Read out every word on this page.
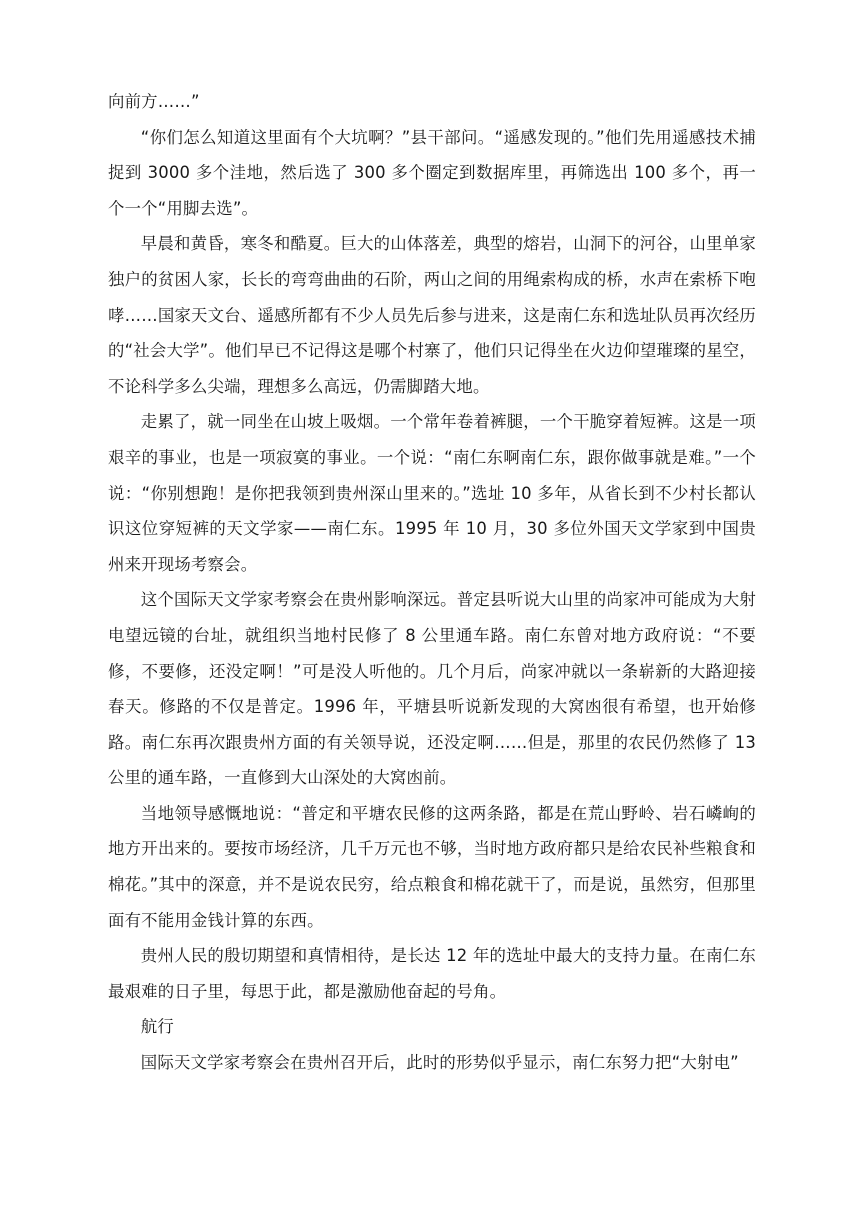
向前方……”

“你们怎么知道这里面有个大坑啊？”县干部问。“遥感发现的。”他们先用遥感技术捕捉到 3000 多个洼地，然后选了 300 多个圈定到数据库里，再筛选出 100 多个，再一个一个“用脚去选”。

早晨和黄昏，寒冬和酷夏。巨大的山体落差，典型的熔岩，山洞下的河谷，山里单家独户的贫困人家，长长的弯弯曲曲的石阶，两山之间的用绳索构成的桥，水声在索桥下咆哮……国家天文台、遥感所都有不少人员先后参与进来，这是南仁东和选址队员再次经历的“社会大学”。他们早已不记得这是哪个村寨了，他们只记得坐在火边仰望璀璨的星空，不论科学多么尖端，理想多么高远，仍需脚踏大地。

走累了，就一同坐在山坡上吸烟。一个常年卷着裤腿，一个干脆穿着短裤。这是一项艰辛的事业，也是一项寂寞的事业。一个说：“南仁东啊南仁东，跟你做事就是难。”一个说：“你别想跑！是你把我领到贵州深山里来的。”选址 10 多年，从省长到不少村长都认识这位穿短裤的天文学家——南仁东。1995 年 10 月，30 多位外国天文学家到中国贵州来开现场考察会。

这个国际天文学家考察会在贵州影响深远。普定县听说大山里的尚家冲可能成为大射电望远镜的台址，就组织当地村民修了 8 公里通车路。南仁东曾对地方政府说：“不要修，不要修，还没定啊！”可是没人听他的。几个月后，尚家冲就以一条崭新的大路迎接春天。修路的不仅是普定。1996 年，平塘县听说新发现的大窝凼很有希望，也开始修路。南仁东再次跟贵州方面的有关领导说，还没定啊……但是，那里的农民仍然修了 13 公里的通车路，一直修到大山深处的大窝凼前。

当地领导感慨地说：“普定和平塘农民修的这两条路，都是在荒山野岭、岩石嶙峋的地方开出来的。要按市场经济，几千万元也不够，当时地方政府都只是给农民补些粮食和棉花。”其中的深意，并不是说农民穷，给点粮食和棉花就干了，而是说，虽然穷，但那里面有不能用金钱计算的东西。

贵州人民的殷切期望和真情相待，是长达 12 年的选址中最大的支持力量。在南仁东最艰难的日子里，每思于此，都是激励他奋起的号角。

航行

国际天文学家考察会在贵州召开后，此时的形势似乎显示，南仁东努力把“大射电”
